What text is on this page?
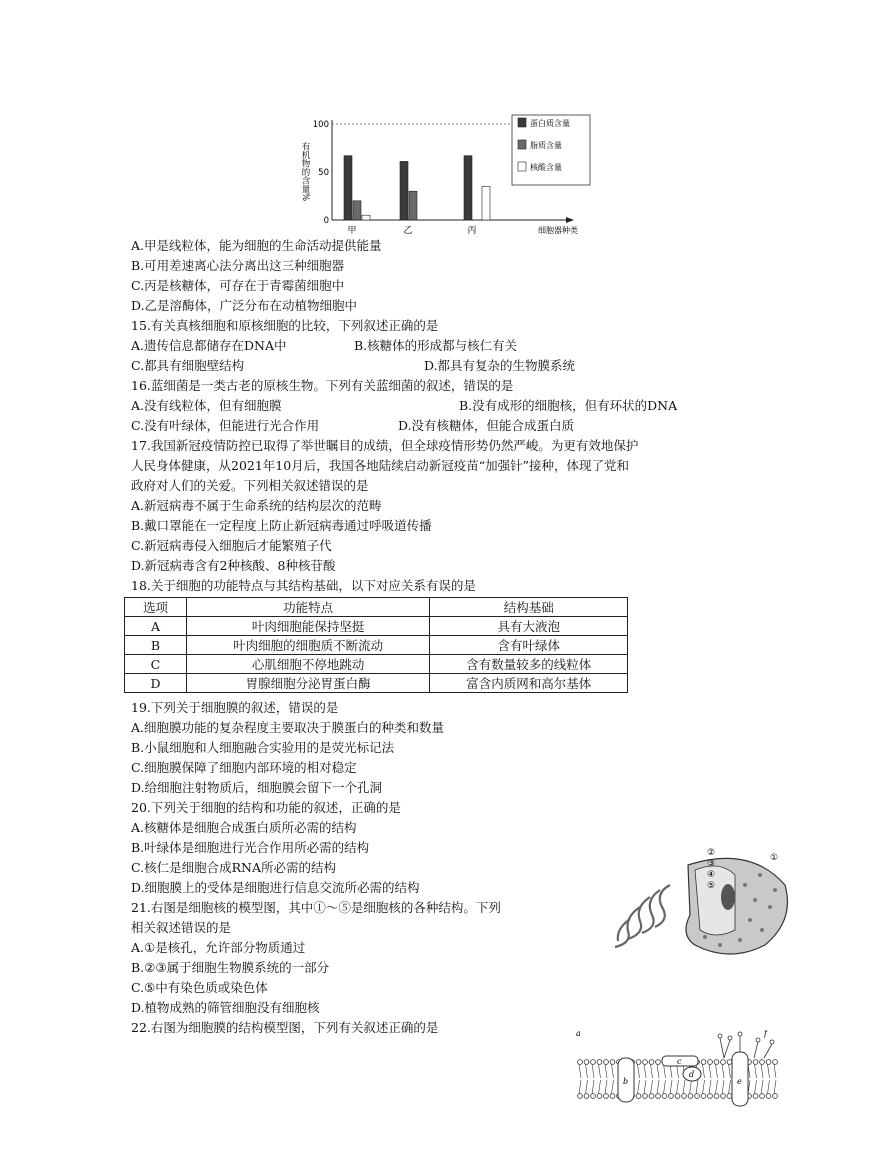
有机物的含量%
100
50
0
甲	乙	丙	细胞器种类
蛋白质含量
脂质含量
核酸含量
A.甲是线粒体，能为细胞的生命活动提供能量
B.可用差速离心法分离出这三种细胞器
C.丙是核糖体，可存在于青霉菌细胞中
D.乙是溶酶体，广泛分布在动植物细胞中
15.有关真核细胞和原核细胞的比较，下列叙述正确的是
A.遗传信息都储存在DNA中	B.核糖体的形成都与核仁有关
C.都具有细胞壁结构	D.都具有复杂的生物膜系统
16.蓝细菌是一类古老的原核生物。下列有关蓝细菌的叙述，错误的是
A.没有线粒体，但有细胞膜	B.没有成形的细胞核，但有环状的DNA
C.没有叶绿体，但能进行光合作用	D.没有核糖体，但能合成蛋白质
17.我国新冠疫情防控已取得了举世瞩目的成绩，但全球疫情形势仍然严峻。为更有效地保护
人民身体健康，从2021年10月后，我国各地陆续启动新冠疫苗“加强针”接种，体现了党和
政府对人们的关爱。下列相关叙述错误的是
A.新冠病毒不属于生命系统的结构层次的范畴
B.戴口罩能在一定程度上防止新冠病毒通过呼吸道传播
C.新冠病毒侵入细胞后才能繁殖子代
D.新冠病毒含有2种核酸、8种核苷酸
18.关于细胞的功能特点与其结构基础，以下对应关系有误的是
选项	功能特点	结构基础
A	叶肉细胞能保持坚挺	具有大液泡
B	叶肉细胞的细胞质不断流动	含有叶绿体
C	心肌细胞不停地跳动	含有数量较多的线粒体
D	胃腺细胞分泌胃蛋白酶	富含内质网和高尔基体
19.下列关于细胞膜的叙述，错误的是
A.细胞膜功能的复杂程度主要取决于膜蛋白的种类和数量
B.小鼠细胞和人细胞融合实验用的是荧光标记法
C.细胞膜保障了细胞内部环境的相对稳定
D.给细胞注射物质后，细胞膜会留下一个孔洞
20.下列关于细胞的结构和功能的叙述，正确的是
A.核糖体是细胞合成蛋白质所必需的结构
B.叶绿体是细胞进行光合作用所必需的结构
C.核仁是细胞合成RNA所必需的结构
D.细胞膜上的受体是细胞进行信息交流所必需的结构
21.右图是细胞核的模型图，其中①～⑤是细胞核的各种结构。下列
相关叙述错误的是
A.①是核孔，允许部分物质通过
B.②③属于细胞生物膜系统的一部分
C.⑤中有染色质或染色体
D.植物成熟的筛管细胞没有细胞核
22.右图为细胞膜的结构模型图，下列有关叙述正确的是
①
②
③
④
⑤
a
b
c
d
e
f
